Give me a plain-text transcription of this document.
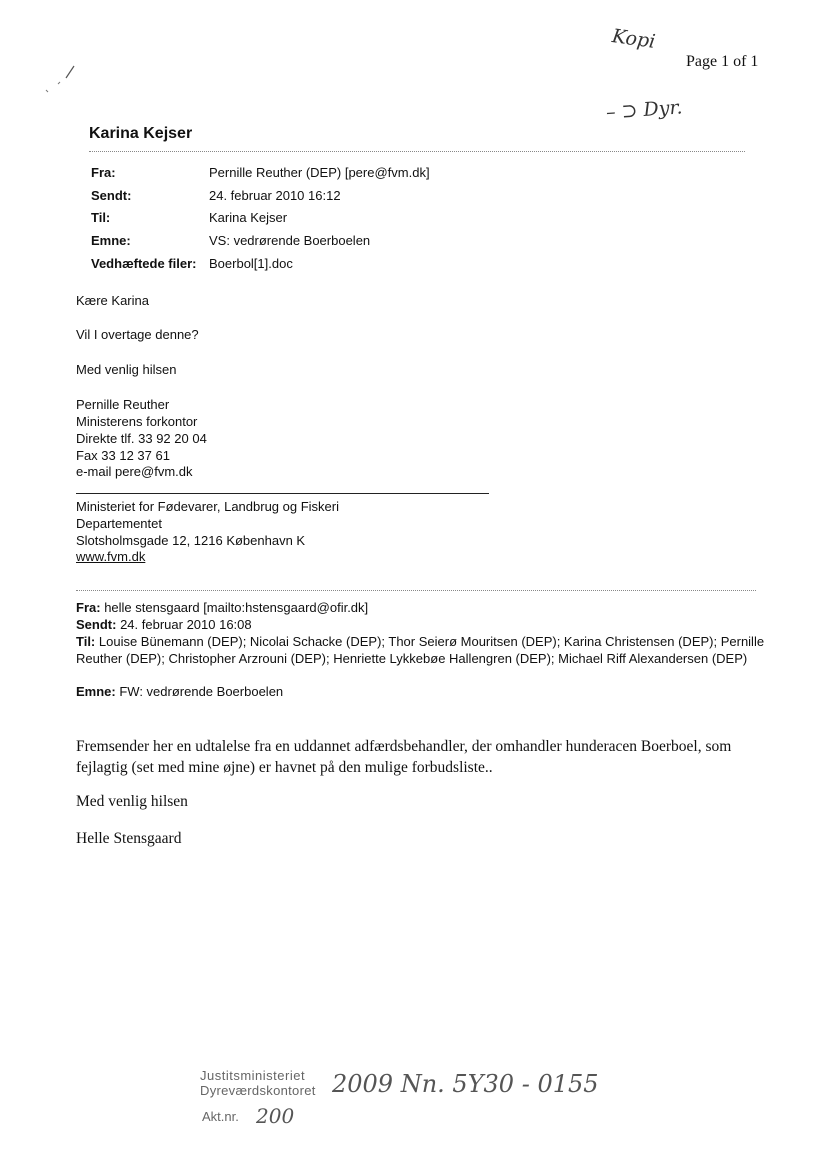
Kopi
Page 1 of 1
– ⊃ Dyr.
Karina Kejser
Fra:	Pernille Reuther (DEP) [pere@fvm.dk]
Sendt:	24. februar 2010 16:12
Til:	Karina Kejser
Emne:	VS: vedrørende Boerboelen
Vedhæftede filer: Boerbol[1].doc
Kære Karina
Vil I overtage denne?
Med venlig hilsen
Pernille Reuther
Ministerens forkontor
Direkte tlf. 33 92 20 04
Fax 33 12 37 61
e-mail pere@fvm.dk
Ministeriet for Fødevarer, Landbrug og Fiskeri
Departementet
Slotsholmsgade 12, 1216 København K
www.fvm.dk
Fra: helle stensgaard [mailto:hstensgaard@ofir.dk]
Sendt: 24. februar 2010 16:08
Til: Louise Bünemann (DEP); Nicolai Schacke (DEP); Thor Seierø Mouritsen (DEP); Karina Christensen (DEP); Pernille Reuther (DEP); Christopher Arzrouni (DEP); Henriette Lykkebøe Hallengren (DEP); Michael Riff Alexandersen (DEP)
Emne: FW: vedrørende Boerboelen
Fremsender her en udtalelse fra en uddannet adfærdsbehandler, der omhandler hunderacen Boerboel, som fejlagtig (set med mine øjne) er havnet på den mulige forbudsliste..
Med venlig hilsen
Helle Stensgaard
Justitsministeriet
Dyreværdskontoret 2009 Nn. 5Y30 - 0155
Akt.nr. 200
